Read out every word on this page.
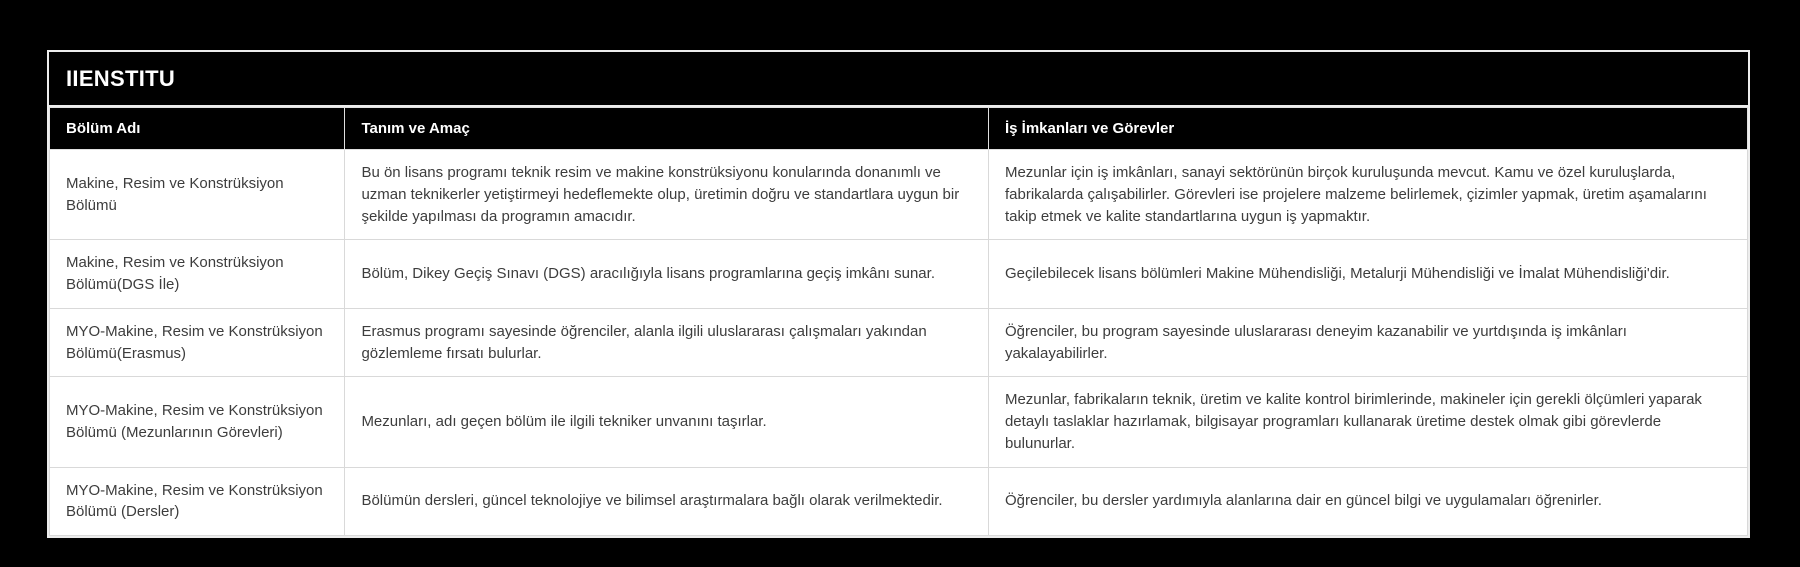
IIENSTITU
Bölüm Adı	Tanım ve Amaç	İş İmkanları ve Görevler
Makine, Resim ve Konstrüksiyon Bölümü	Bu ön lisans programı teknik resim ve makine konstrüksiyonu konularında donanımlı ve uzman teknikerler yetiştirmeyi hedeflemekte olup, üretimin doğru ve standartlara uygun bir şekilde yapılması da programın amacıdır.	Mezunlar için iş imkânları, sanayi sektörünün birçok kuruluşunda mevcut. Kamu ve özel kuruluşlarda, fabrikalarda çalışabilirler. Görevleri ise projelere malzeme belirlemek, çizimler yapmak, üretim aşamalarını takip etmek ve kalite standartlarına uygun iş yapmaktır.
Makine, Resim ve Konstrüksiyon Bölümü(DGS İle)	Bölüm, Dikey Geçiş Sınavı (DGS) aracılığıyla lisans programlarına geçiş imkânı sunar.	Geçilebilecek lisans bölümleri Makine Mühendisliği, Metalurji Mühendisliği ve İmalat Mühendisliği'dir.
MYO-Makine, Resim ve Konstrüksiyon Bölümü(Erasmus)	Erasmus programı sayesinde öğrenciler, alanla ilgili uluslararası çalışmaları yakından gözlemleme fırsatı bulurlar.	Öğrenciler, bu program sayesinde uluslararası deneyim kazanabilir ve yurtdışında iş imkânları yakalayabilirler.
MYO-Makine, Resim ve Konstrüksiyon Bölümü (Mezunlarının Görevleri)	Mezunları, adı geçen bölüm ile ilgili tekniker unvanını taşırlar.	Mezunlar, fabrikaların teknik, üretim ve kalite kontrol birimlerinde, makineler için gerekli ölçümleri yaparak detaylı taslaklar hazırlamak, bilgisayar programları kullanarak üretime destek olmak gibi görevlerde bulunurlar.
MYO-Makine, Resim ve Konstrüksiyon Bölümü (Dersler)	Bölümün dersleri, güncel teknolojiye ve bilimsel araştırmalara bağlı olarak verilmektedir.	Öğrenciler, bu dersler yardımıyla alanlarına dair en güncel bilgi ve uygulamaları öğrenirler.
